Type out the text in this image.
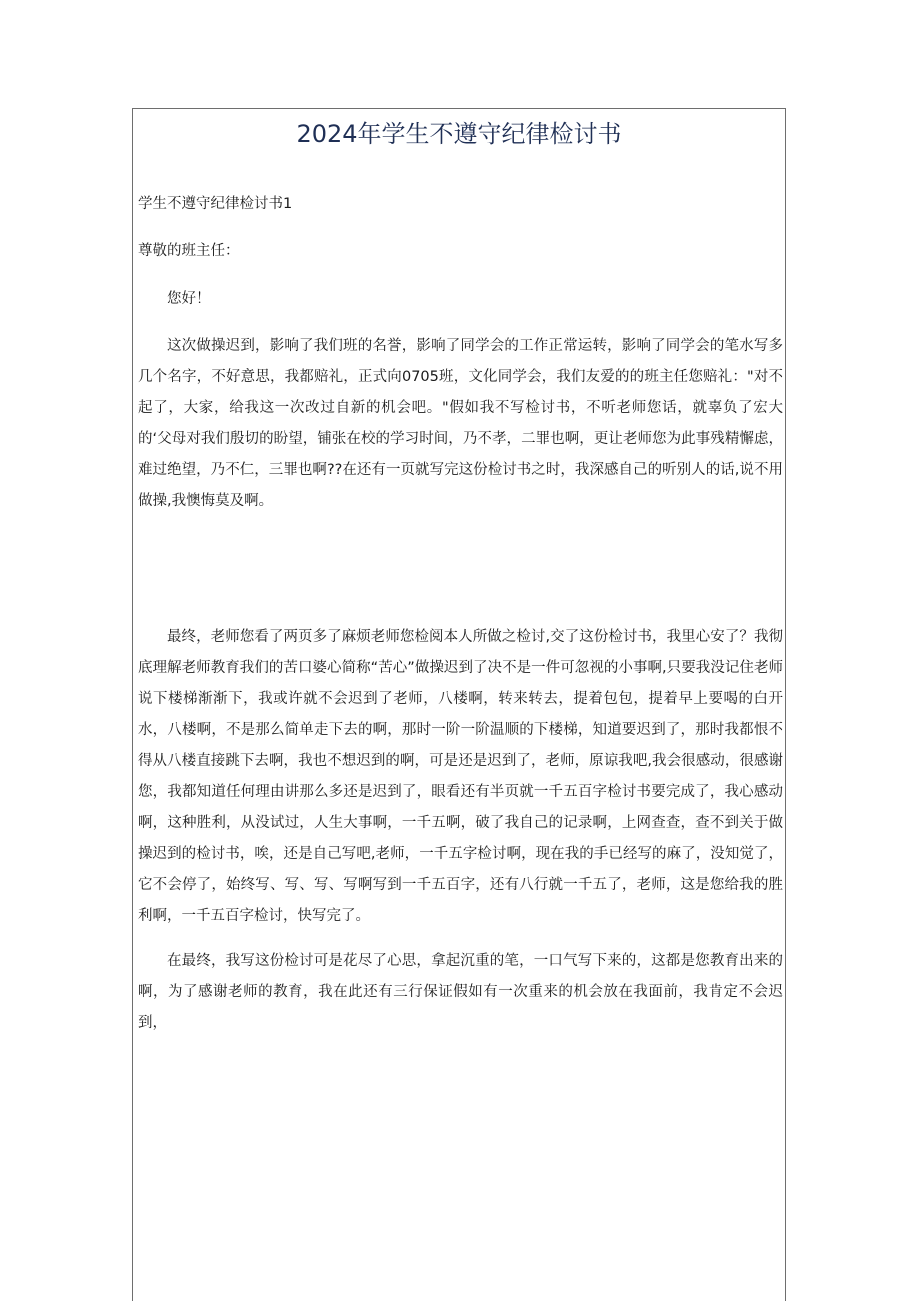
2024年学生不遵守纪律检讨书

学生不遵守纪律检讨书1

尊敬的班主任：

您好！

这次做操迟到，影响了我们班的名誉，影响了同学会的工作正常运转，影响了同学会的笔水写多几个名字，不好意思，我都赔礼，正式向0705班，文化同学会，我们友爱的的班主任您赔礼："对不起了，大家，给我这一次改过自新的机会吧。"假如我不写检讨书，不听老师您话，就辜负了宏大的‘父母对我们殷切的盼望，铺张在校的学习时间，乃不孝，二罪也啊，更让老师您为此事残精懈虑，难过绝望，乃不仁，三罪也啊??在还有一页就写完这份检讨书之时，我深感自己的听别人的话,说不用做操,我懊悔莫及啊。

最终，老师您看了两页多了麻烦老师您检阅本人所做之检讨,交了这份检讨书，我里心安了？我彻底理解老师教育我们的苦口婆心简称“苦心”做操迟到了决不是一件可忽视的小事啊,只要我没记住老师说下楼梯渐渐下，我或许就不会迟到了老师，八楼啊，转来转去，提着包包，提着早上要喝的白开水，八楼啊，不是那么简单走下去的啊，那时一阶一阶温顺的下楼梯，知道要迟到了，那时我都恨不得从八楼直接跳下去啊，我也不想迟到的啊，可是还是迟到了，老师，原谅我吧,我会很感动，很感谢您，我都知道任何理由讲那么多还是迟到了，眼看还有半页就一千五百字检讨书要完成了，我心感动啊，这种胜利，从没试过，人生大事啊，一千五啊，破了我自己的记录啊，上网查查，查不到关于做操迟到的检讨书，唉，还是自己写吧,老师，一千五字检讨啊，现在我的手已经写的麻了，没知觉了，它不会停了，始终写、写、写、写啊写到一千五百字，还有八行就一千五了，老师，这是您给我的胜利啊，一千五百字检讨，快写完了。

在最终，我写这份检讨可是花尽了心思，拿起沉重的笔，一口气写下来的，这都是您教育出来的啊，为了感谢老师的教育，我在此还有三行保证假如有一次重来的机会放在我面前，我肯定不会迟到，
